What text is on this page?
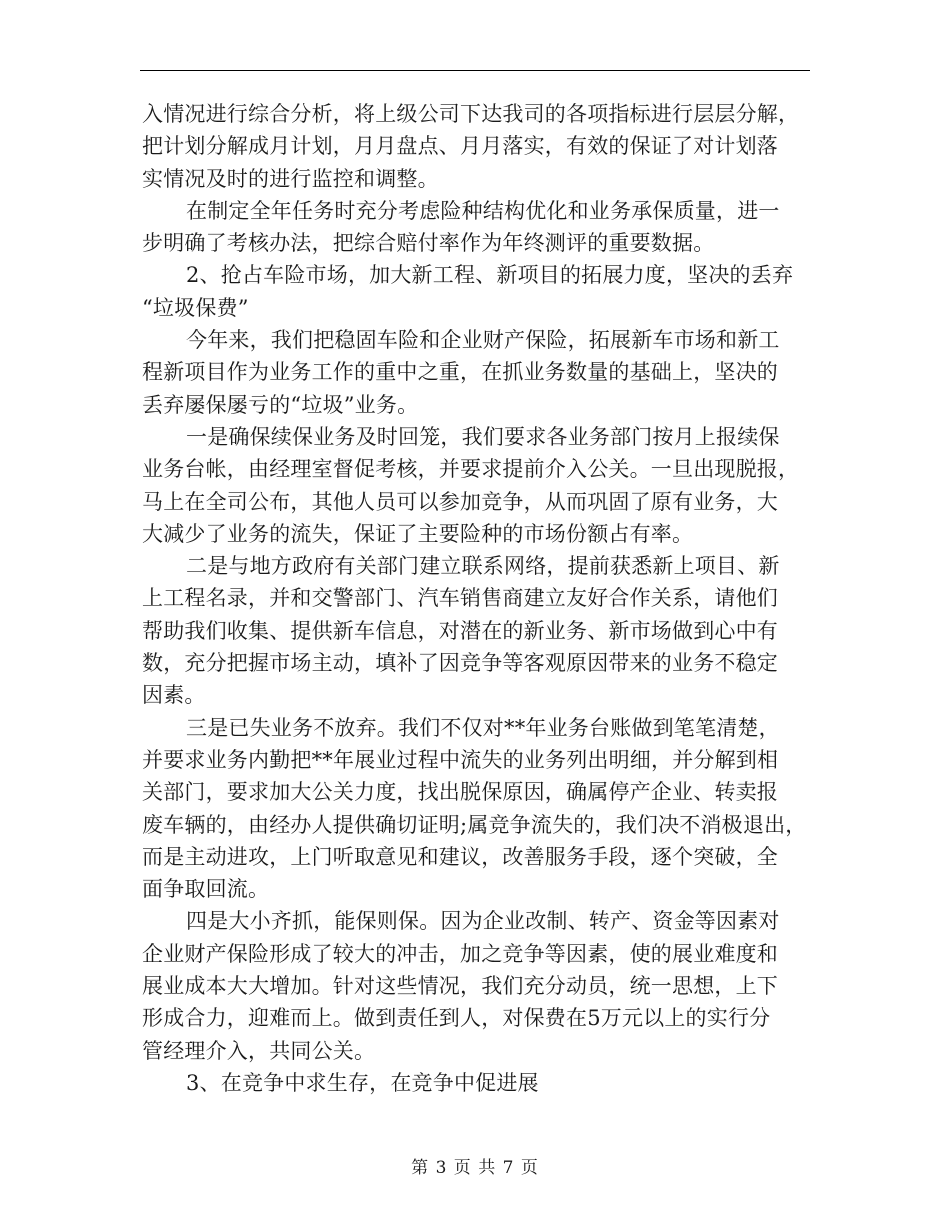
入情况进行综合分析，将上级公司下达我司的各项指标进行层层分解，
把计划分解成月计划，月月盘点、月月落实，有效的保证了对计划落
实情况及时的进行监控和调整。
在制定全年任务时充分考虑险种结构优化和业务承保质量，进一
步明确了考核办法，把综合赔付率作为年终测评的重要数据。
2、抢占车险市场，加大新工程、新项目的拓展力度，坚决的丢弃
“垃圾保费”
今年来，我们把稳固车险和企业财产保险，拓展新车市场和新工
程新项目作为业务工作的重中之重，在抓业务数量的基础上，坚决的
丢弃屡保屡亏的“垃圾”业务。
一是确保续保业务及时回笼，我们要求各业务部门按月上报续保
业务台帐，由经理室督促考核，并要求提前介入公关。一旦出现脱报，
马上在全司公布，其他人员可以参加竞争，从而巩固了原有业务，大
大减少了业务的流失，保证了主要险种的市场份额占有率。
二是与地方政府有关部门建立联系网络，提前获悉新上项目、新
上工程名录，并和交警部门、汽车销售商建立友好合作关系，请他们
帮助我们收集、提供新车信息，对潜在的新业务、新市场做到心中有
数，充分把握市场主动，填补了因竞争等客观原因带来的业务不稳定
因素。
三是已失业务不放弃。我们不仅对**年业务台账做到笔笔清楚，
并要求业务内勤把**年展业过程中流失的业务列出明细，并分解到相
关部门，要求加大公关力度，找出脱保原因，确属停产企业、转卖报
废车辆的，由经办人提供确切证明;属竞争流失的，我们决不消极退出，
而是主动进攻，上门听取意见和建议，改善服务手段，逐个突破，全
面争取回流。
四是大小齐抓，能保则保。因为企业改制、转产、资金等因素对
企业财产保险形成了较大的冲击，加之竞争等因素，使的展业难度和
展业成本大大增加。针对这些情况，我们充分动员，统一思想，上下
形成合力，迎难而上。做到责任到人，对保费在5万元以上的实行分
管经理介入，共同公关。
3、在竞争中求生存，在竞争中促进展
第 3 页 共 7 页
